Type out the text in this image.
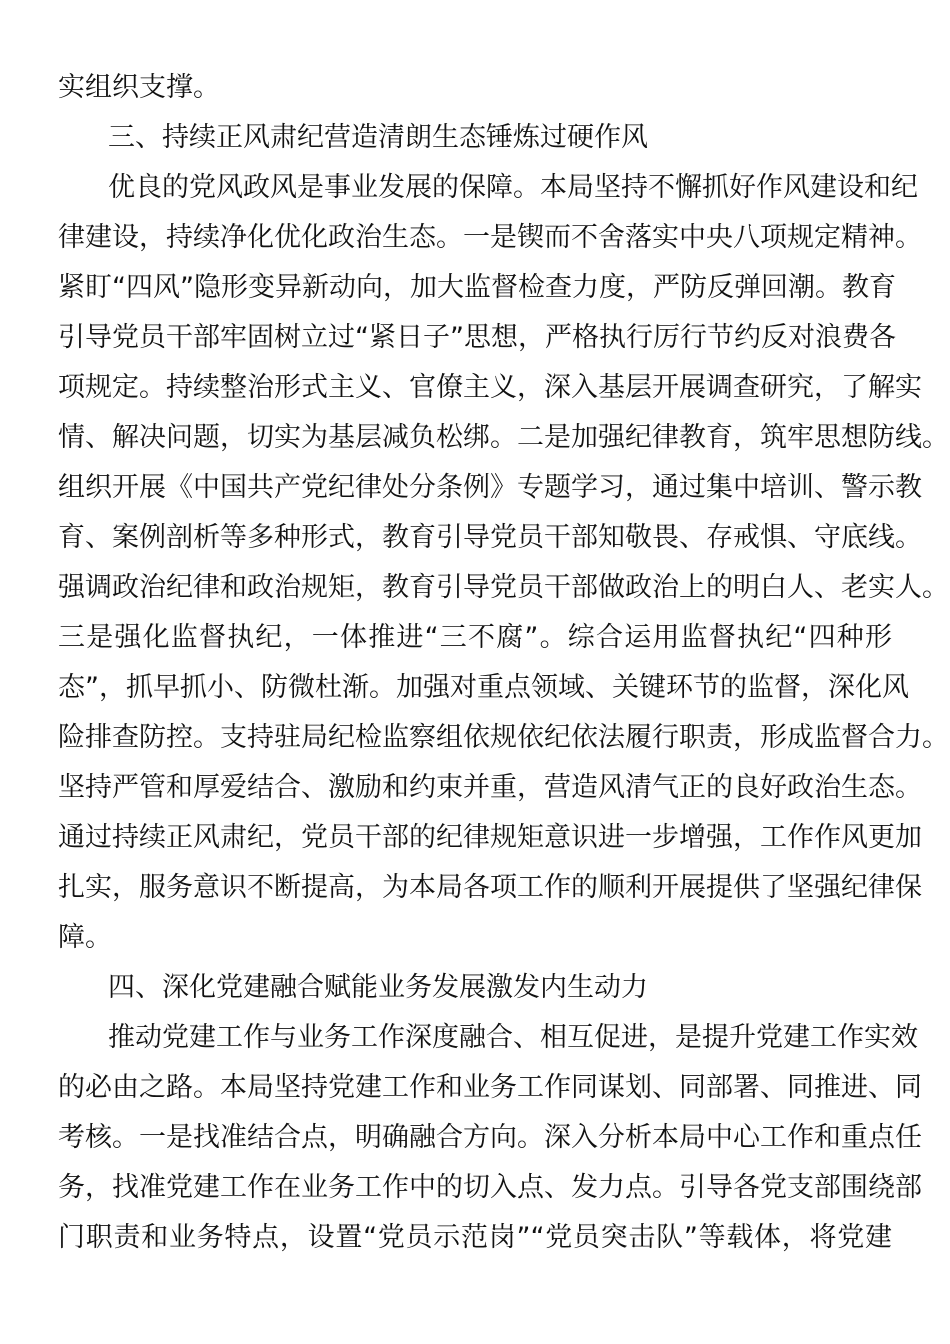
实组织支撑。
三、持续正风肃纪营造清朗生态锤炼过硬作风
优良的党风政风是事业发展的保障。本局坚持不懈抓好作风建设和纪
律建设，持续净化优化政治生态。一是锲而不舍落实中央八项规定精神。
紧盯“四风”隐形变异新动向，加大监督检查力度，严防反弹回潮。教育
引导党员干部牢固树立过“紧日子”思想，严格执行厉行节约反对浪费各
项规定。持续整治形式主义、官僚主义，深入基层开展调查研究，了解实
情、解决问题，切实为基层减负松绑。二是加强纪律教育，筑牢思想防线。
组织开展《中国共产党纪律处分条例》专题学习，通过集中培训、警示教
育、案例剖析等多种形式，教育引导党员干部知敬畏、存戒惧、守底线。
强调政治纪律和政治规矩，教育引导党员干部做政治上的明白人、老实人。
三是强化监督执纪，一体推进“三不腐”。综合运用监督执纪“四种形
态”，抓早抓小、防微杜渐。加强对重点领域、关键环节的监督，深化风
险排查防控。支持驻局纪检监察组依规依纪依法履行职责，形成监督合力。
坚持严管和厚爱结合、激励和约束并重，营造风清气正的良好政治生态。
通过持续正风肃纪，党员干部的纪律规矩意识进一步增强，工作作风更加
扎实，服务意识不断提高，为本局各项工作的顺利开展提供了坚强纪律保
障。
四、深化党建融合赋能业务发展激发内生动力
推动党建工作与业务工作深度融合、相互促进，是提升党建工作实效
的必由之路。本局坚持党建工作和业务工作同谋划、同部署、同推进、同
考核。一是找准结合点，明确融合方向。深入分析本局中心工作和重点任
务，找准党建工作在业务工作中的切入点、发力点。引导各党支部围绕部
门职责和业务特点，设置“党员示范岗”“党员突击队”等载体，将党建
